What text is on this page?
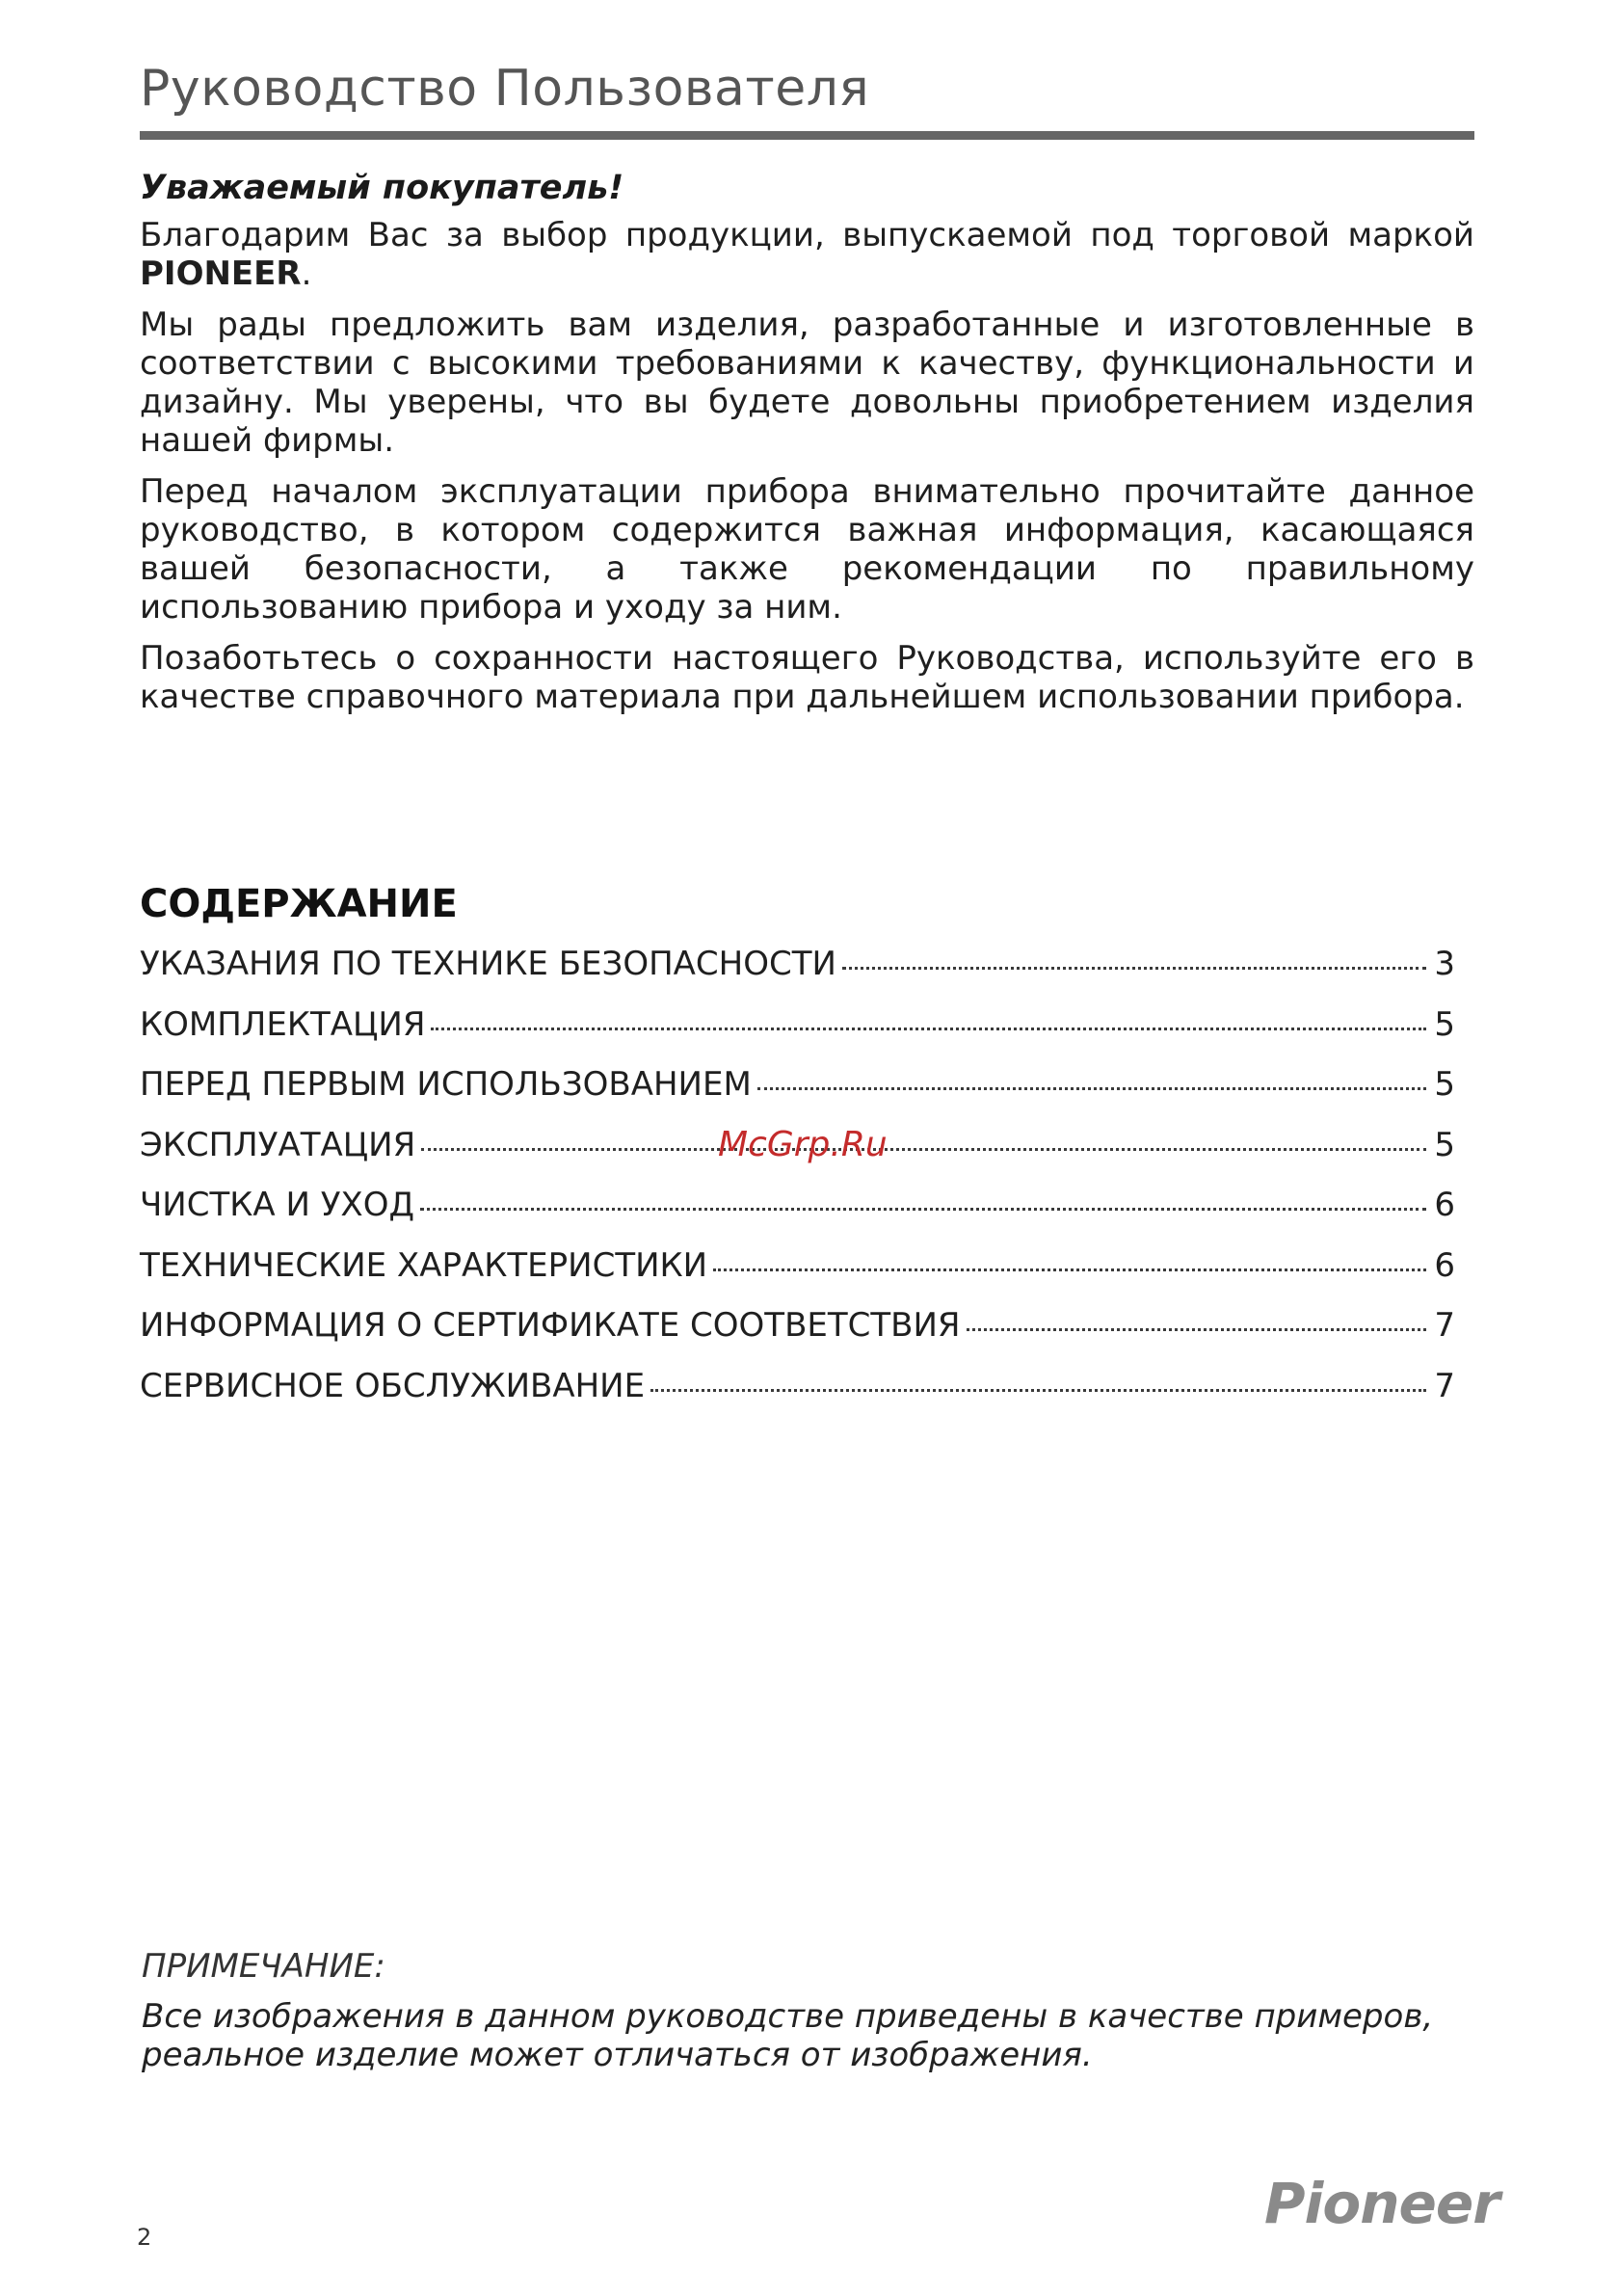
Руководство Пользователя
Уважаемый покупатель!

Благодарим Вас за выбор продукции, выпускаемой под торговой маркой PIONEER.

Мы рады предложить вам изделия, разработанные и изготовленные в соответствии с высокими требованиями к качеству, функциональности и дизайну. Мы уверены, что вы будете довольны приобретением изделия нашей фирмы.

Перед началом эксплуатации прибора внимательно прочитайте данное руководство, в котором содержится важная информация, касающаяся вашей безопасности, а также рекомендации по правильному использованию прибора и уходу за ним.

Позаботьтесь о сохранности настоящего Руководства, используйте его в качестве справочного материала при дальнейшем использовании прибора.

СОДЕРЖАНИЕ
УКАЗАНИЯ ПО ТЕХНИКЕ БЕЗОПАСНОСТИ	3
КОМПЛЕКТАЦИЯ	5
ПЕРЕД ПЕРВЫМ ИСПОЛЬЗОВАНИЕМ	5
ЭКСПЛУАТАЦИЯ	5
ЧИСТКА И УХОД	6
ТЕХНИЧЕСКИЕ ХАРАКТЕРИСТИКИ	6
ИНФОРМАЦИЯ О СЕРТИФИКАТЕ СООТВЕТСТВИЯ	7
СЕРВИСНОЕ ОБСЛУЖИВАНИЕ	7
McGrp.Ru
ПРИМЕЧАНИЕ:
Все изображения в данном руководстве приведены в качестве примеров, реальное изделие может отличаться от изображения.
Pioneer
2
